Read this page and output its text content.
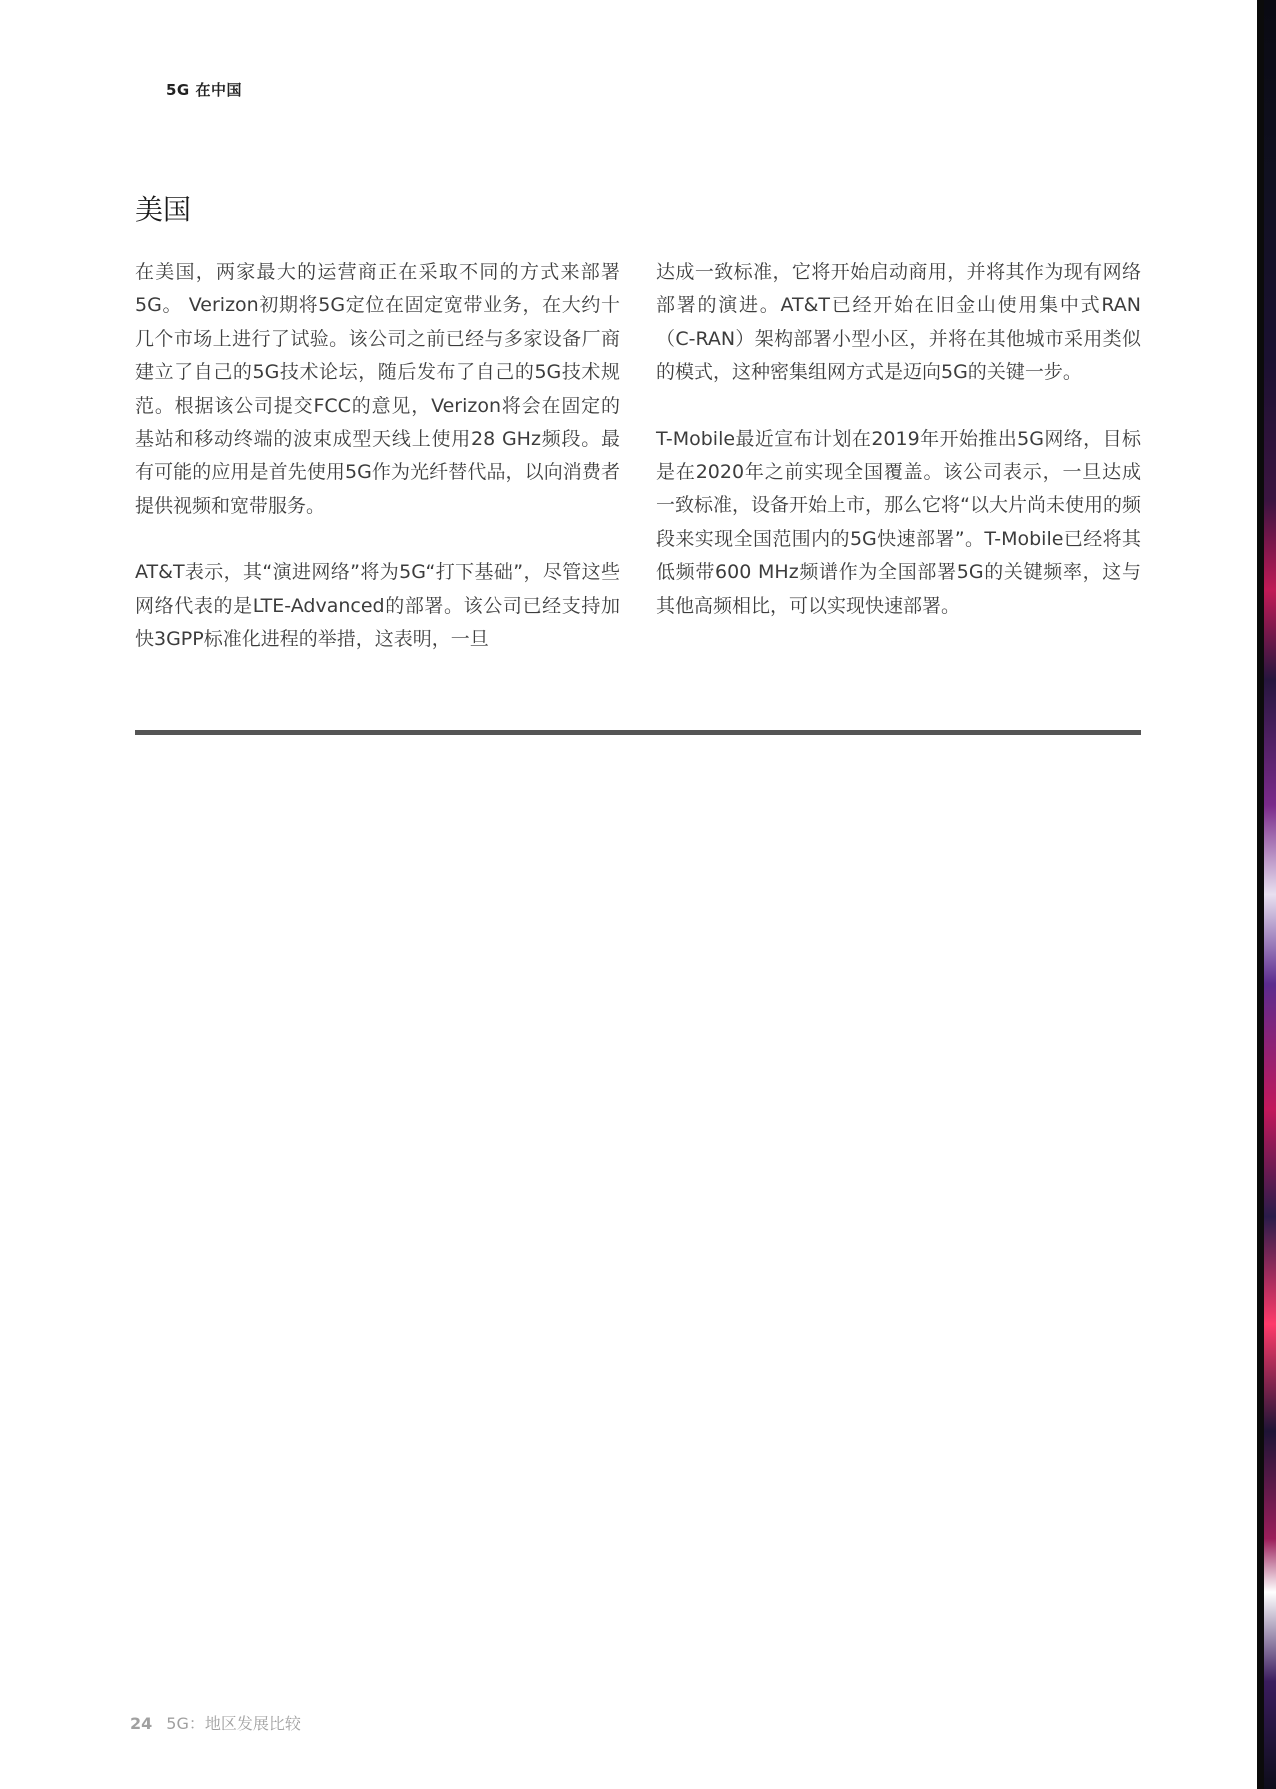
5G 在中国
美国

在美国，两家最大的运营商正在采取不同的方式来部署5G。 Verizon初期将5G定位在固定宽带业务，在大约十几个市场上进行了试验。该公司之前已经与多家设备厂商建立了自己的5G技术论坛，随后发布了自己的5G技术规范。根据该公司提交FCC的意见，Verizon将会在固定的基站和移动终端的波束成型天线上使用28 GHz频段。最有可能的应用是首先使用5G作为光纤替代品，以向消费者提供视频和宽带服务。

AT&T表示，其“演进网络”将为5G“打下基础”，尽管这些网络代表的是LTE-Advanced的部署。该公司已经支持加快3GPP标准化进程的举措，这表明，一旦

达成一致标准，它将开始启动商用，并将其作为现有网络部署的演进。AT&T已经开始在旧金山使用集中式RAN（C-RAN）架构部署小型小区，并将在其他城市采用类似的模式，这种密集组网方式是迈向5G的关键一步。

T-Mobile最近宣布计划在2019年开始推出5G网络，目标是在2020年之前实现全国覆盖。该公司表示，一旦达成一致标准，设备开始上市，那么它将“以大片尚未使用的频段来实现全国范围内的5G快速部署”。T-Mobile已经将其低频带600 MHz频谱作为全国部署5G的关键频率，这与其他高频相比，可以实现快速部署。

24 5G：地区发展比较
